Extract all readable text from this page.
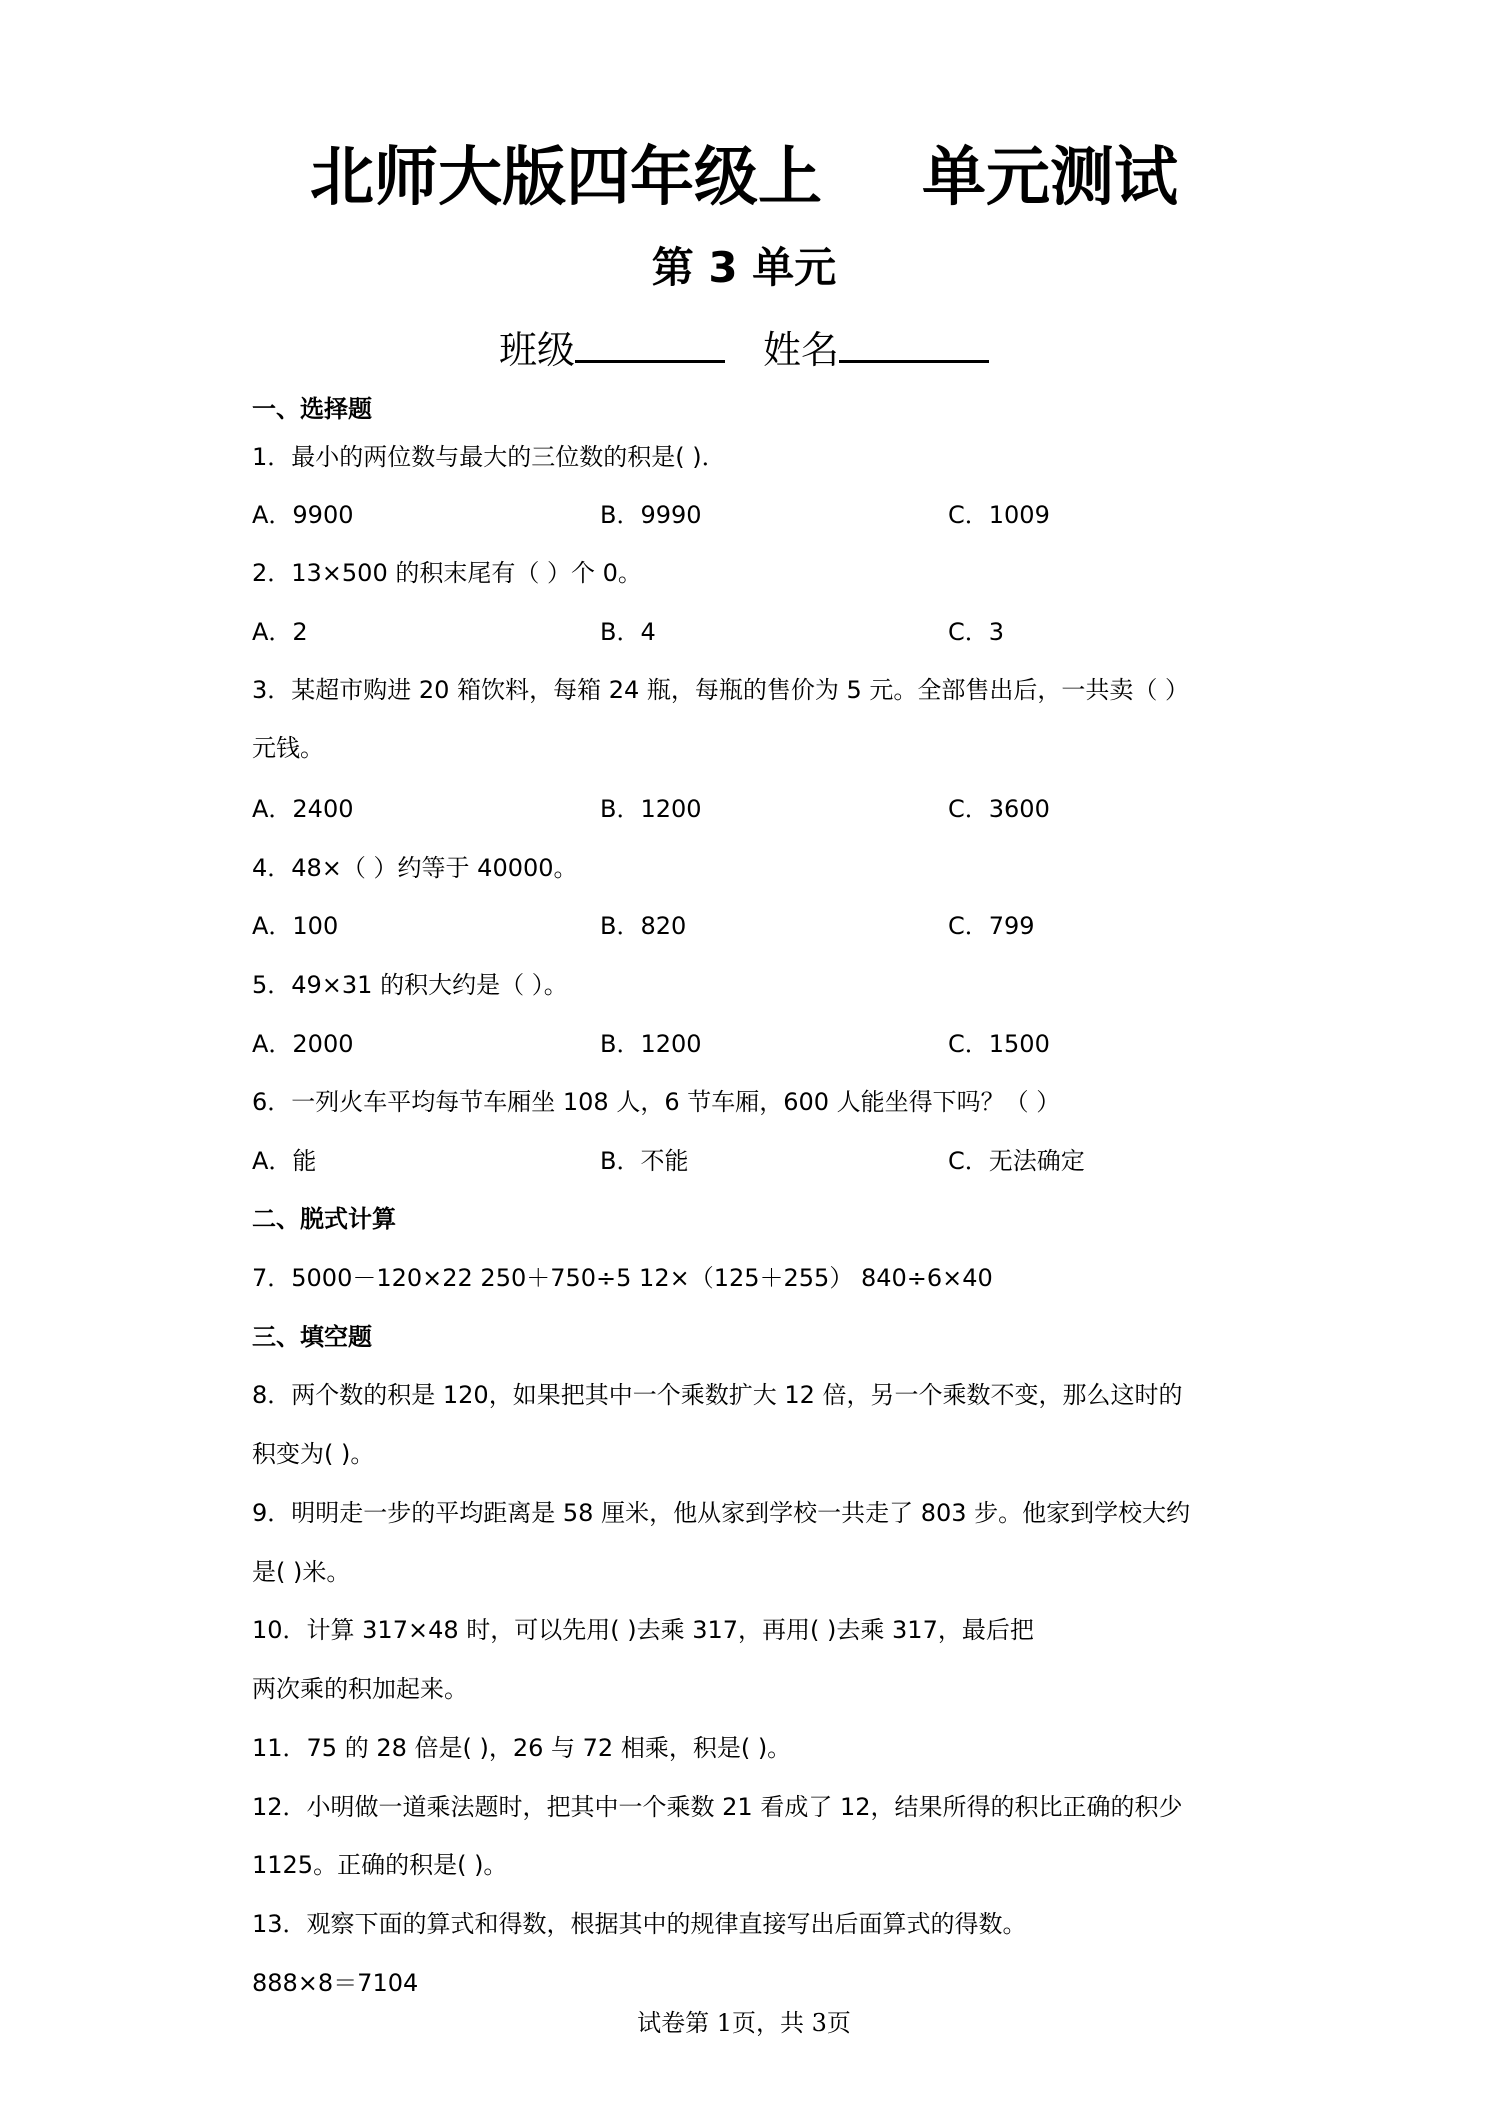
北师大版四年级上 单元测试
第 3 单元
班级	姓名
一、选择题
1．最小的两位数与最大的三位数的积是( )．
A．9900	B．9990	C．1009
2．13×500 的积末尾有（ ）个 0。
A．2	B．4	C．3
3．某超市购进 20 箱饮料，每箱 24 瓶，每瓶的售价为 5 元。全部售出后，一共卖（ ）
元钱。
A．2400	B．1200	C．3600
4．48×（ ）约等于 40000。
A．100	B．820	C．799
5．49×31 的积大约是（ ）。
A．2000	B．1200	C．1500
6．一列火车平均每节车厢坐 108 人，6 节车厢，600 人能坐得下吗？（ ）
A．能	B．不能	C．无法确定
二、脱式计算
7．5000－120×22 250＋750÷5 12×（125＋255） 840÷6×40
三、填空题
8．两个数的积是 120，如果把其中一个乘数扩大 12 倍，另一个乘数不变，那么这时的
积变为( )。
9．明明走一步的平均距离是 58 厘米，他从家到学校一共走了 803 步。他家到学校大约
是( )米。
10．计算 317×48 时，可以先用( )去乘 317，再用( )去乘 317，最后把
两次乘的积加起来。
11．75 的 28 倍是( )，26 与 72 相乘，积是( )。
12．小明做一道乘法题时，把其中一个乘数 21 看成了 12，结果所得的积比正确的积少
1125。正确的积是( )。
13．观察下面的算式和得数，根据其中的规律直接写出后面算式的得数。
888×8＝7104
试卷第 1页，共 3页
